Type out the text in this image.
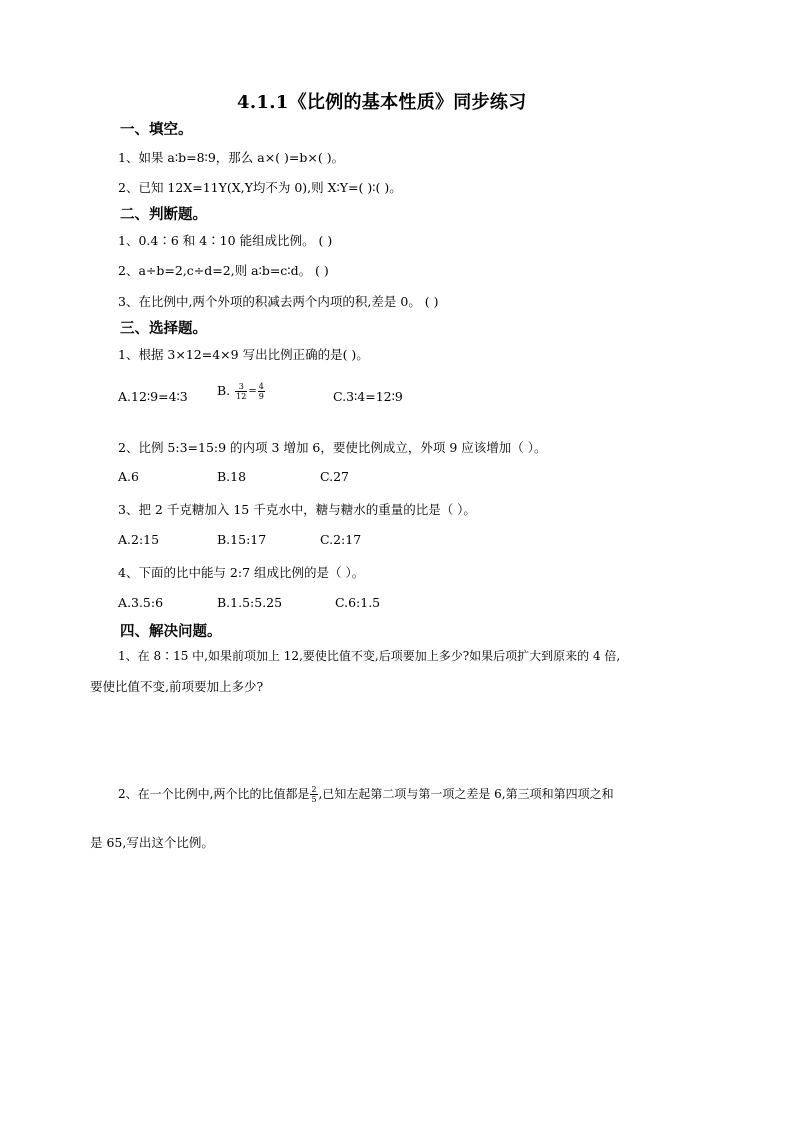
4.1.1《比例的基本性质》同步练习
一、填空。
1、如果 a∶b=8∶9，那么 a×( )=b×( )。
2、已知 12X=11Y(X,Y均不为 0),则 X∶Y=( )∶( )。
二、判断题。
1、0.4∶6 和 4∶10 能组成比例。 ( )
2、a÷b=2,c÷d=2,则 a∶b=c∶d。 ( )
3、在比例中,两个外项的积减去两个内项的积,差是 0。 ( )
三、选择题。
1、根据 3×12=4×9 写出比例正确的是( )。
A.12∶9=4∶3 B. $\frac{3}{12} = \frac{4}{9}$	C.3∶4=12∶9
2、比例 5:3=15:9 的内项 3 增加 6，要使比例成立，外项 9 应该增加（ ）。
A.6	B.18	C.27
3、把 2 千克糖加入 15 千克水中，糖与糖水的重量的比是（ ）。
A.2:15	B.15:17	C.2:17
4、下面的比中能与 2:7 组成比例的是（ ）。
A.3.5:6	B.1.5:5.25	C.6:1.5
四、解决问题。
1、在 8∶15 中,如果前项加上 12,要使比值不变,后项要加上多少?如果后项扩大到原来的 4 倍,
要使比值不变,前项要加上多少?
2、在一个比例中,两个比的比值都是 $\frac{2}{5}$ ,已知左起第二项与第一项之差是 6,第三项和第四项之和
是 65,写出这个比例。
